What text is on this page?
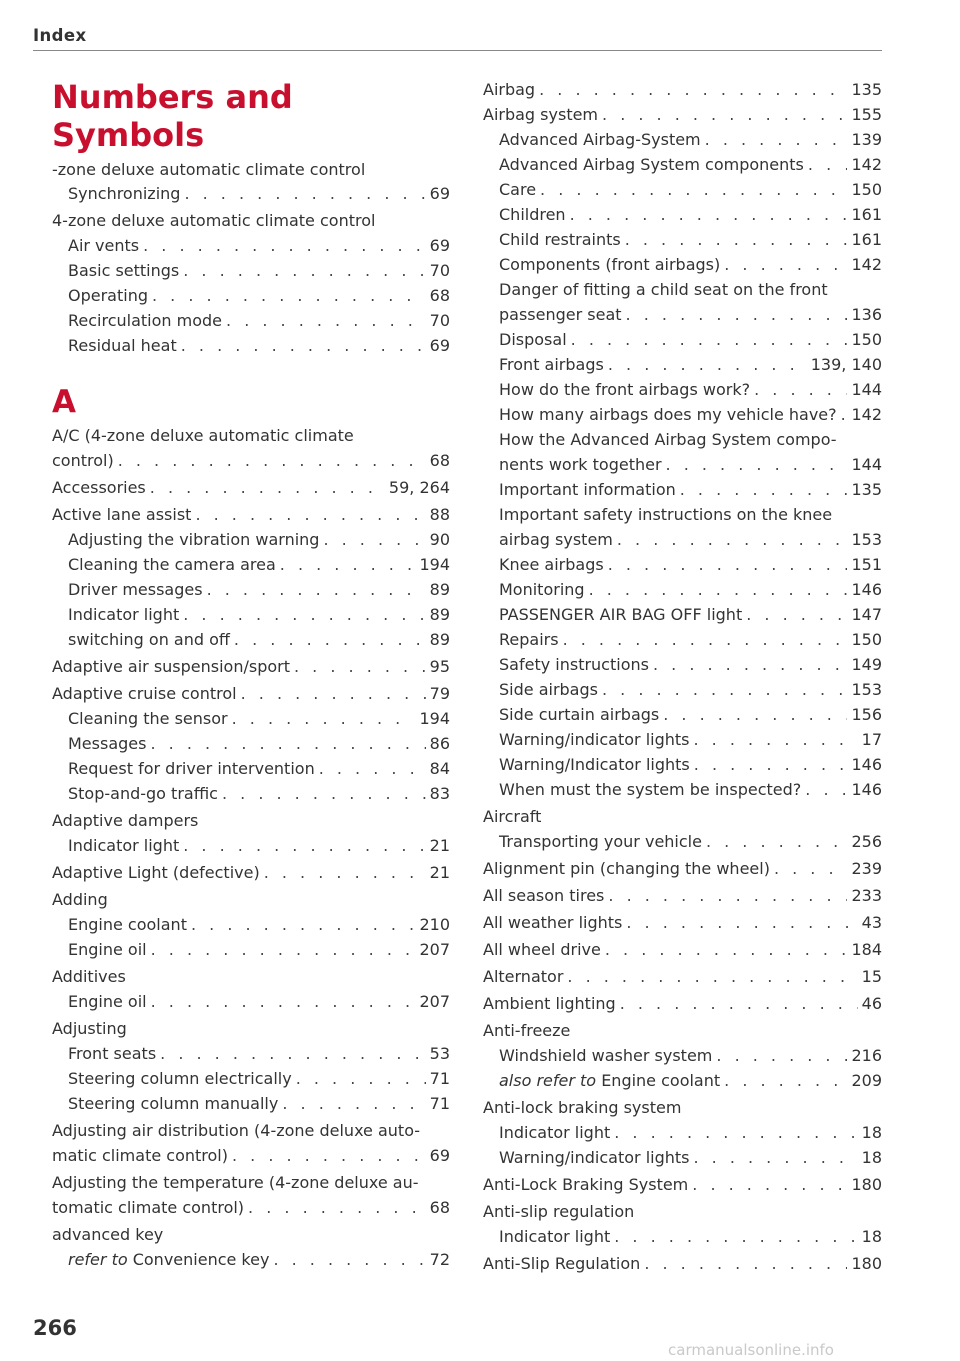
Index
Numbers and
Symbols
A
-zone deluxe automatic climate control
Synchronizing . . .	69
4-zone deluxe automatic climate control
Air vents . . .	69
Basic settings . . .	70
Operating . . .	68
Recirculation mode . . .	70
Residual heat . . .	69
A/C (4-zone deluxe automatic climate
control) . . .	68
Accessories . . .	59, 264
Active lane assist . . .	88
Adjusting the vibration warning . . .	90
Cleaning the camera area . . .	194
Driver messages . . .	89
Indicator light . . .	89
switching on and off . . .	89
Adaptive air suspension/sport . . .	95
Adaptive cruise control . . .	79
Cleaning the sensor . . .	194
Messages . . .	86
Request for driver intervention . . .	84
Stop-and-go traffic . . .	83
Adaptive dampers
Indicator light . . .	21
Adaptive Light (defective) . . .	21
Adding
Engine coolant . . .	210
Engine oil . . .	207
Additives
Engine oil . . .	207
Adjusting
Front seats . . .	53
Steering column electrically . . .	71
Steering column manually . . .	71
Adjusting air distribution (4-zone deluxe auto-
matic climate control) . . .	69
Adjusting the temperature (4-zone deluxe au-
tomatic climate control) . . .	68
advanced key
refer to Convenience key . . .	72
Airbag . . .	135
Airbag system . . .	155
Advanced Airbag-System . . .	139
Advanced Airbag System components . . .	142
Care . . .	150
Children . . .	161
Child restraints . . .	161
Components (front airbags) . . .	142
Danger of fitting a child seat on the front
passenger seat . . .	136
Disposal . . .	150
Front airbags . . .	139, 140
How do the front airbags work? . . .	144
How many airbags does my vehicle have? . . . 142
How the Advanced Airbag System compo-
nents work together . . .	144
Important information . . .	135
Important safety instructions on the knee
airbag system . . .	153
Knee airbags . . .	151
Monitoring . . .	146
PASSENGER AIR BAG OFF light . . .	147
Repairs . . .	150
Safety instructions . . .	149
Side airbags . . .	153
Side curtain airbags . . .	156
Warning/indicator lights . . .	17
Warning/Indicator lights . . .	146
When must the system be inspected? . . .	146
Aircraft
Transporting your vehicle . . .	256
Alignment pin (changing the wheel) . . .	239
All season tires . . .	233
All weather lights . . .	43
All wheel drive . . .	184
Alternator . . .	15
Ambient lighting . . .	46
Anti-freeze
Windshield washer system . . .	216
also refer to Engine coolant . . .	209
Anti-lock braking system
Indicator light . . .	18
Warning/indicator lights . . .	18
Anti-Lock Braking System . . .	180
Anti-slip regulation
Indicator light . . .	18
Anti-Slip Regulation . . .	180
266
carmanualsonline.info
